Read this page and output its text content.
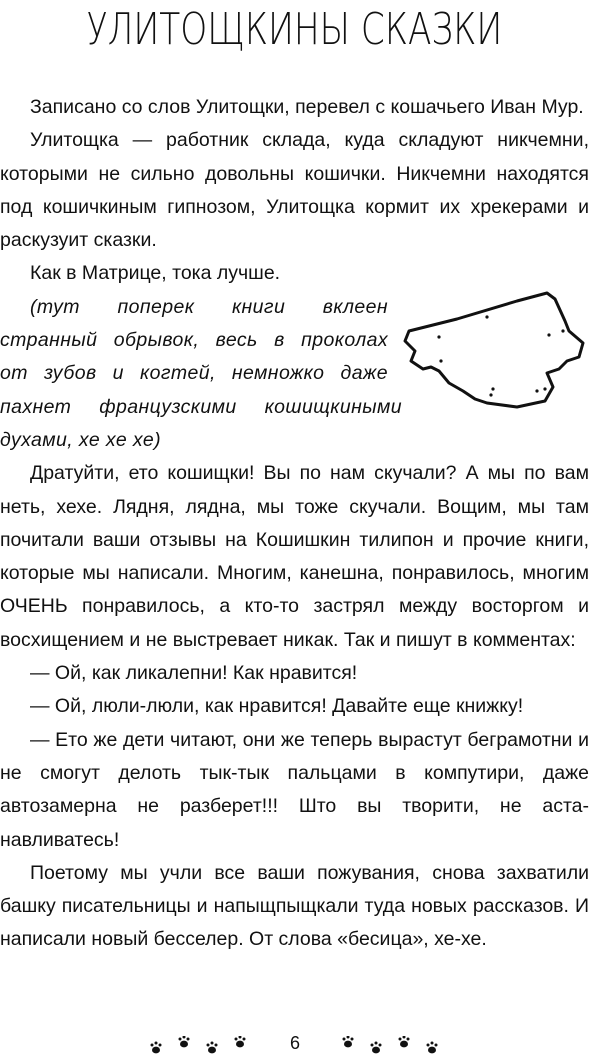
УЛИТОЩКИНЫ СКАЗКИ

Записано со слов Улитощки, перевел с кошачьего Иван Мур.

Улитощка — работник склада, куда складуют никчемни, которыми не сильно довольны кошички. Никчемни находятся под кошичкиным гипнозом, Улитощка кормит их хрекерами и раскузуит сказки.

Как в Матрице, тока лучше.

(тут поперек книги вклеен

странный обрывок, весь в проколах

от зубов и когтей, немножко даже

пахнет французскими кошищкиными

духами, хе хе хе)

Дратуйти, ето кошищки! Вы по нам скучали? А мы по вам неть, хехе. Лядня, лядна, мы тоже скучали. Вощим, мы там почитали ваши отзывы на Кошишкин тилипон и прочие книги, которые мы написали. Многим, канешна, понравилось, многим ОЧЕНЬ понравилось, а кто-то застрял между восторгом и восхищением и не выстревает никак. Так и пишут в комментах:

— Ой, как ликалепни! Как нравится!

— Ой, люли-люли, как нравится! Давайте еще книжку!

— Ето же дети читают, они же теперь вырастут беграмотни и не смогут делоть тык-тык пальцами в компутири, даже автозамерна не разберет!!! Што вы творити, не астанавливатесь!

Поетому мы учли все ваши пожувания, снова захватили башку писательницы и напыщпыщкали туда новых рассказов. И написали новый бесселер. От слова «бесица», хе-хе.

6
